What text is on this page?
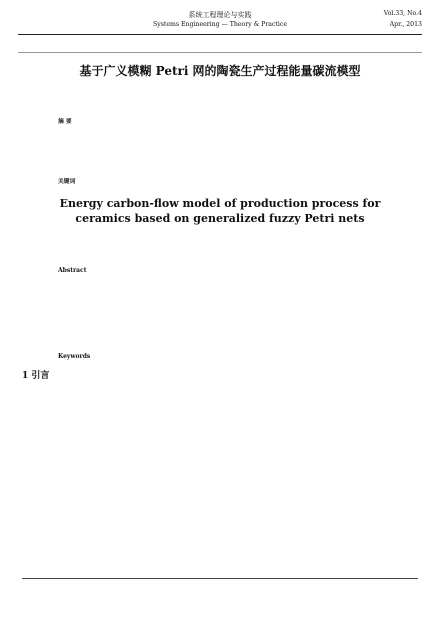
系统工程理论与实践
Systems Engineering — Theory & Practice
Vol.33, No.4
Apr., 2013
基于广义模糊 Petri 网的陶瓷生产过程能量碳流模型
摘 要
关键词
Energy carbon-flow model of production process for ceramics based on generalized fuzzy Petri nets
Abstract
Keywords
1 引言
